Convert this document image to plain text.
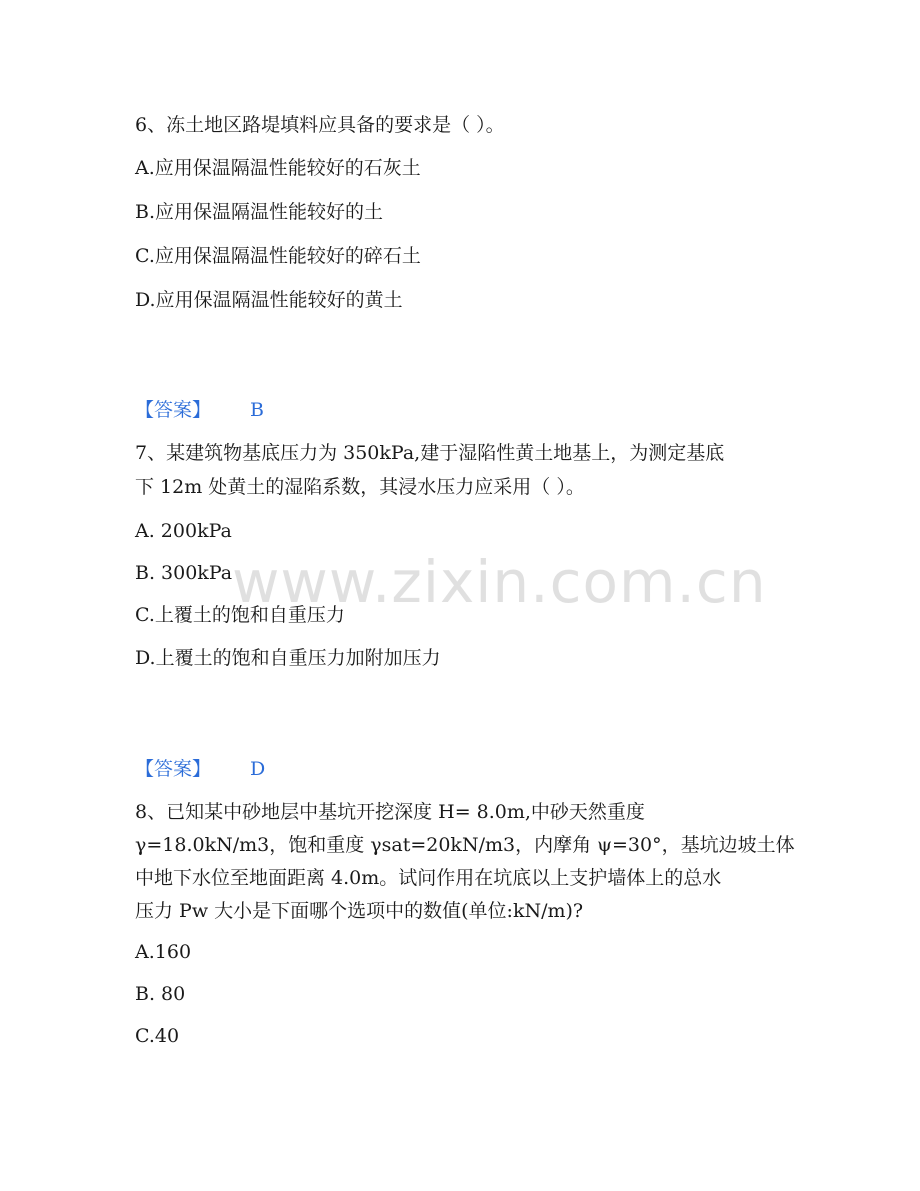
6、冻土地区路堤填料应具备的要求是（ ）。
A.应用保温隔温性能较好的石灰土
B.应用保温隔温性能较好的土
C.应用保温隔温性能较好的碎石土
D.应用保温隔温性能较好的黄土
【答案】 B
7、某建筑物基底压力为 350kPa,建于湿陷性黄土地基上，为测定基底
下 12m 处黄土的湿陷系数，其浸水压力应采用（ ）。
A. 200kPa
B. 300kPa
C.上覆土的饱和自重压力
D.上覆土的饱和自重压力加附加压力
【答案】 D
8、已知某中砂地层中基坑开挖深度 H= 8.0m,中砂天然重度
γ=18.0kN/m3，饱和重度 γsat=20kN/m3，内摩角 ψ=30°，基坑边坡土体
中地下水位至地面距离 4.0m。试问作用在坑底以上支护墙体上的总水
压力 Pw 大小是下面哪个选项中的数值(单位:kN/m)?
A.160
B. 80
C.40
www.zixin.com.cn
